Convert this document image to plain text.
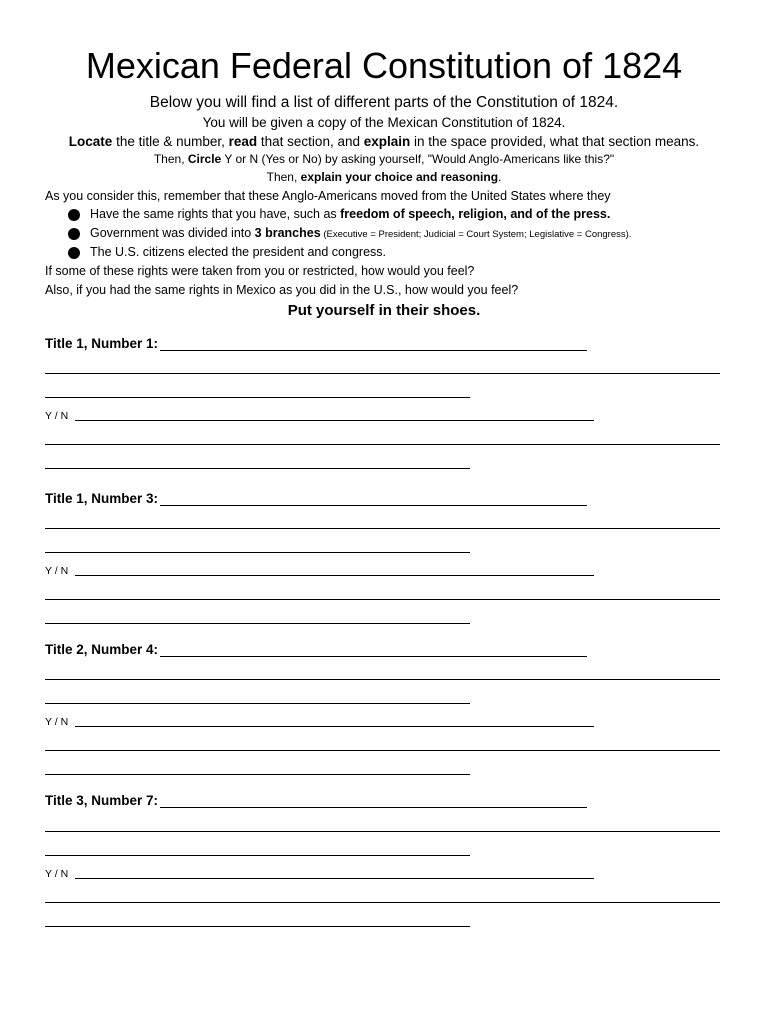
Mexican Federal Constitution of 1824
Below you will find a list of different parts of the Constitution of 1824.
You will be given a copy of the Mexican Constitution of 1824.
Locate the title & number, read that section, and explain in the space provided, what that section means.
Then, Circle Y or N (Yes or No) by asking yourself, "Would Anglo-Americans like this?"
Then, explain your choice and reasoning.
As you consider this, remember that these Anglo-Americans moved from the United States where they
Have the same rights that you have, such as freedom of speech, religion, and of the press.
Government was divided into 3 branches (Executive = President; Judicial = Court System; Legislative = Congress).
The U.S. citizens elected the president and congress.
If some of these rights were taken from you or restricted, how would you feel?
Also, if you had the same rights in Mexico as you did in the U.S., how would you feel?
Put yourself in their shoes.
Title 1, Number 1:
Y / N
Title 1, Number 3:
Y / N
Title 2, Number 4:
Y / N
Title 3, Number 7:
Y / N
